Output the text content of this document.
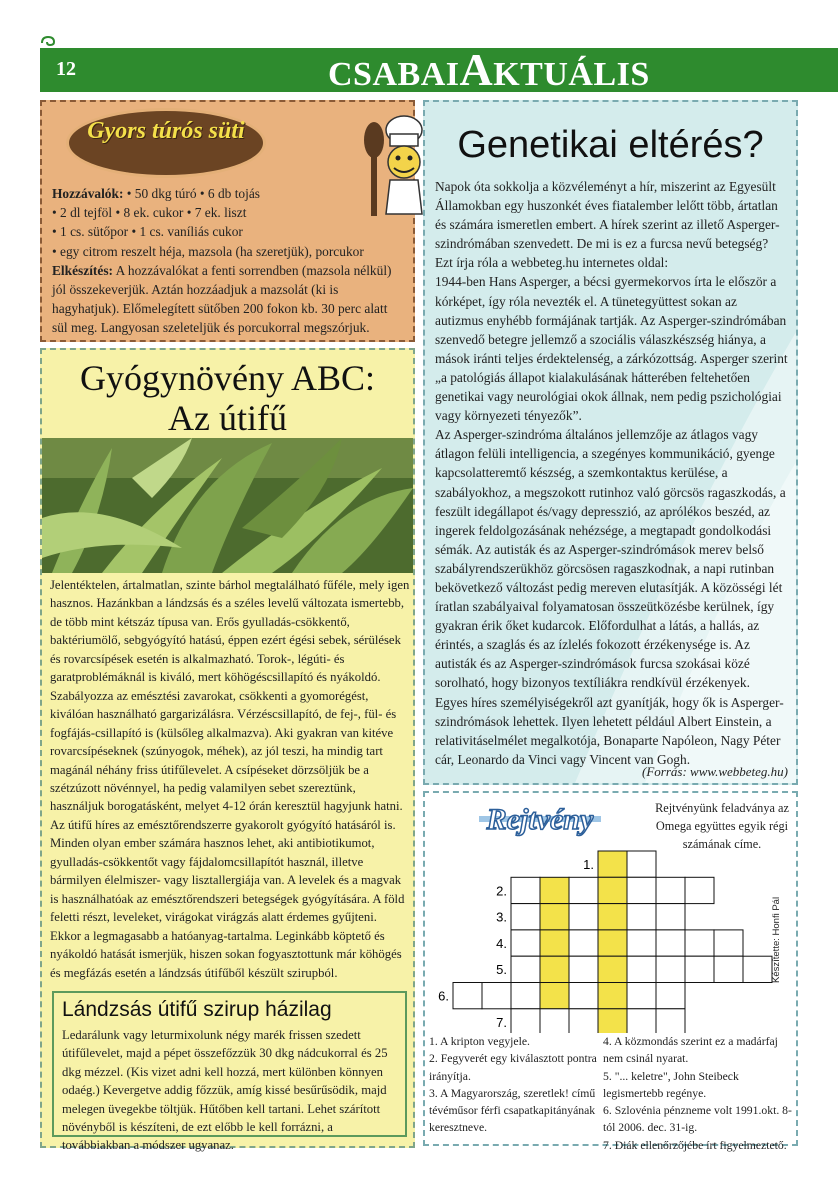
12	CSABAIAKTUÁLIS
Gyors túrós süti

Hozzávalók: • 50 dkg túró • 6 db tojás

• 2 dl tejföl • 8 ek. cukor • 7 ek. liszt

• 1 cs. sütőpor • 1 cs. vaníliás cukor

• egy citrom reszelt héja, mazsola (ha szeretjük), porcukor

Elkészítés: A hozzávalókat a fenti sorrendben (mazsola nélkül) jól összekeverjük. Aztán hozzáadjuk a mazsolát (ki is hagyhatjuk). Előmelegített sütőben 200 fokon kb. 30 perc alatt sül meg. Langyosan szeleteljük és porcukorral megszórjuk.

Gyógynövény ABC:
Az útifű
Jelentéktelen, ártalmatlan, szinte bárhol megtalálható fűféle, mely igen hasznos. Hazánkban a lándzsás és a széles levelű változata ismertebb, de több mint kétszáz típusa van. Erős gyulladás-csökkentő, baktériumölő, sebgyógyító hatású, éppen ezért égési sebek, sérülések és rovarcsípések esetén is alkalmazható. Torok-, légúti- és garatproblémáknál is kiváló, mert köhögéscsillapító és nyákoldó. Szabályozza az emésztési zavarokat, csökkenti a gyomorégést, kiválóan használható gargarizálásra. Vérzéscsillapító, de fej-, fül- és fogfájás-csillapító is (külsőleg alkalmazva). Aki gyakran van kitéve rovarcsípéseknek (szúnyogok, méhek), az jól teszi, ha mindig tart magánál néhány friss útifűlevelet. A csípéseket dörzsöljük be a szétzúzott növénnyel, ha pedig valamilyen sebet szereztünk, használjuk borogatásként, melyet 4-12 órán keresztül hagyjunk hatni. Az útifű híres az emésztőrendszerre gyakorolt gyógyító hatásáról is. Minden olyan ember számára hasznos lehet, aki antibiotikumot, gyulladás-csökkentőt vagy fájdalomcsillapítót használ, illetve bármilyen élelmiszer- vagy lisztallergiája van. A levelek és a magvak is használhatóak az emésztőrendszeri betegségek gyógyítására. A föld feletti részt, leveleket, virágokat virágzás alatt érdemes gyűjteni. Ekkor a legmagasabb a hatóanyag-tartalma. Leginkább köptető és nyákoldó hatását ismerjük, hiszen sokan fogyasztottunk már köhögés és megfázás esetén a lándzsás útifűből készült szirupból.
Lándzsás útifű szirup házilag

Ledarálunk vagy leturmixolunk négy marék frissen szedett útifűlevelet, majd a pépet összefőzzük 30 dkg nádcukorral és 25 dkg mézzel. (Kis vizet adni kell hozzá, mert különben könnyen odaég.) Kevergetve addig főzzük, amíg kissé besűrűsödik, majd melegen üvegekbe töltjük. Hűtőben kell tartani. Lehet szárított növényből is készíteni, de ezt előbb le kell forrázni, a továbbiakban a módszer ugyanaz.

Genetikai eltérés?

Napok óta sokkolja a közvéleményt a hír, miszerint az Egyesült Államokban egy huszonkét éves fiatalember lelőtt több, ártatlan és számára ismeretlen embert. A hírek szerint az illető Asperger-szindrómában szenvedett. De mi is ez a furcsa nevű betegség?

Ezt írja róla a webbeteg.hu internetes oldal:

1944-ben Hans Asperger, a bécsi gyermekorvos írta le először a kórképet, így róla nevezték el. A tünetegyüttest sokan az autizmus enyhébb formájának tartják. Az Asperger-szindrómában szenvedő betegre jellemző a szociális válaszkészség hiánya, a mások iránti teljes érdektelenség, a zárkózottság. Asperger szerint „a patológiás állapot kialakulásának hátterében feltehetően genetikai vagy neurológiai okok állnak, nem pedig pszichológiai vagy környezeti tényezők”.

Az Asperger-szindróma általános jellemzője az átlagos vagy átlagon felüli intelligencia, a szegényes kommunikáció, gyenge kapcsolatteremtő készség, a szemkontaktus kerülése, a szabályokhoz, a megszokott rutinhoz való görcsös ragaszkodás, a feszült idegállapot és/vagy depresszió, az aprólékos beszéd, az ingerek feldolgozásának nehézsége, a megtapadt gondolkodási sémák. Az autisták és az Asperger-szindrómások merev belső szabályrendszerükhöz görcsösen ragaszkodnak, a napi rutinban bekövetkező változást pedig mereven elutasítják. A közösségi lét íratlan szabályaival folyamatosan összeütközésbe kerülnek, így gyakran érik őket kudarcok. Előfordulhat a látás, a hallás, az érintés, a szaglás és az ízlelés fokozott érzékenysége is. Az autisták és az Asperger-szindrómások furcsa szokásai közé sorolható, hogy bizonyos textíliákra rendkívül érzékenyek.

Egyes híres személyiségekről azt gyanítják, hogy ők is Asperger-szindrómások lehettek. Ilyen lehetett például Albert Einstein, a relativitáselmélet megalkotója, Bonaparte Napóleon, Nagy Péter cár, Leonardo da Vinci vagy Vincent van Gogh.

(Forrás: www.webbeteg.hu)
Rejtvény	Rejtvényünk feladványa az Omega együttes egyik régi számának címe.
1.
2.
3.
4.
5.
6.
7.
Készítette: Honfi Pál
1. A kripton vegyjele.
2. Fegyverét egy kiválasztott pontra irányítja.
3. A Magyarország, szeretlek! című tévéműsor férfi csapatkapitányának keresztneve.
4. A közmondás szerint ez a madárfaj nem csinál nyarat.
5. "... keletre", John Steibeck legismertebb regénye.
6. Szlovénia pénzneme volt 1991.okt. 8-tól 2006. dec. 31-ig.
7. Diák ellenőrzőjébe írt figyelmeztető.
